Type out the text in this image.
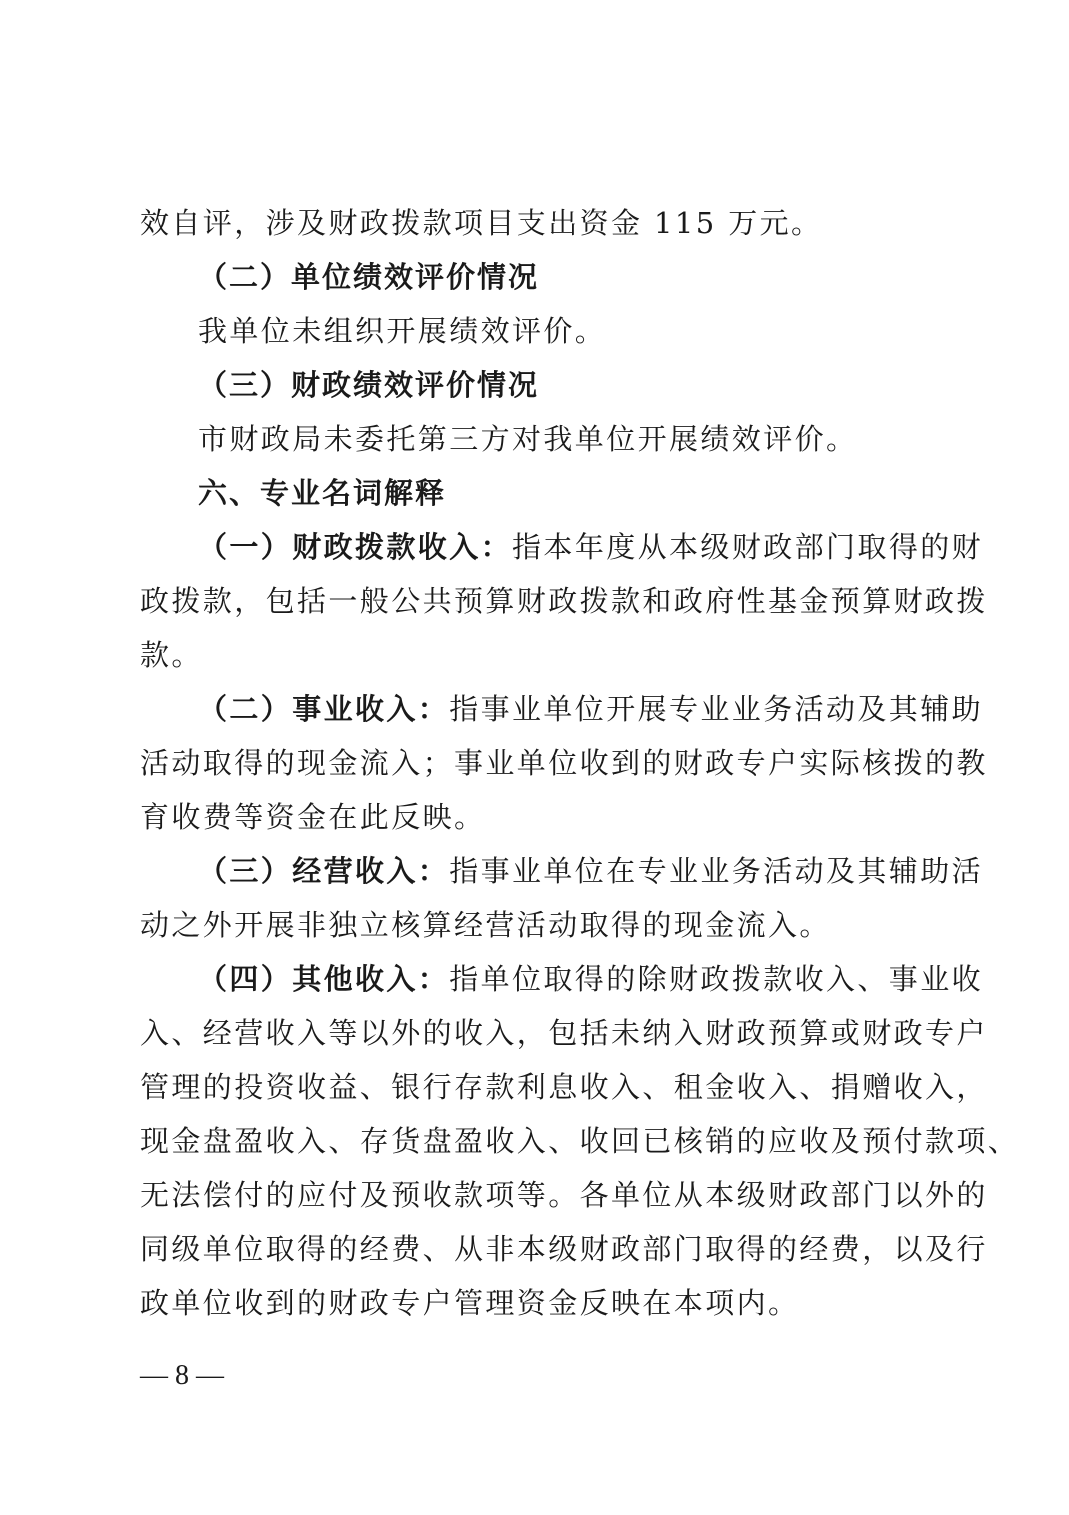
效自评，涉及财政拨款项目支出资金 115 万元。
（二）单位绩效评价情况
我单位未组织开展绩效评价。
（三）财政绩效评价情况
市财政局未委托第三方对我单位开展绩效评价。
六、专业名词解释
（一）财政拨款收入：指本年度从本级财政部门取得的财
政拨款，包括一般公共预算财政拨款和政府性基金预算财政拨
款。
（二）事业收入：指事业单位开展专业业务活动及其辅助
活动取得的现金流入；事业单位收到的财政专户实际核拨的教
育收费等资金在此反映。
（三）经营收入：指事业单位在专业业务活动及其辅助活
动之外开展非独立核算经营活动取得的现金流入。
（四）其他收入：指单位取得的除财政拨款收入、事业收
入、经营收入等以外的收入，包括未纳入财政预算或财政专户
管理的投资收益、银行存款利息收入、租金收入、捐赠收入，
现金盘盈收入、存货盘盈收入、收回已核销的应收及预付款项、
无法偿付的应付及预收款项等。各单位从本级财政部门以外的
同级单位取得的经费、从非本级财政部门取得的经费，以及行
政单位收到的财政专户管理资金反映在本项内。
— 8 —
